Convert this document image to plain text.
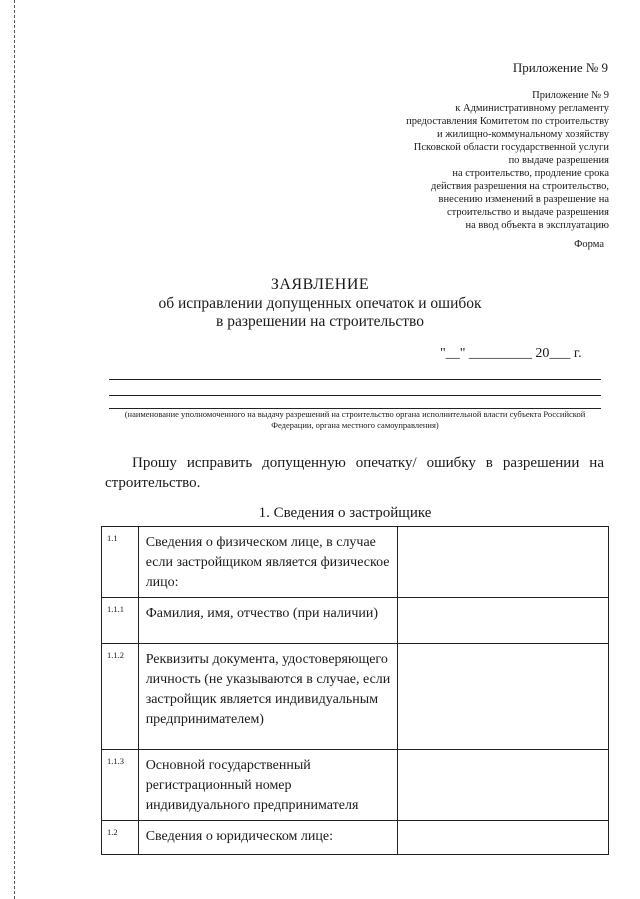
Приложение № 9
Приложение № 9
к Административному регламенту
предоставления Комитетом по строительству
и жилищно-коммунальному хозяйству
Псковской области государственной услуги
по выдаче разрешения
на строительство, продление срока
действия разрешения на строительство,
внесению изменений в разрешение на
строительство и выдаче разрешения
на ввод объекта в эксплуатацию
Форма
ЗАЯВЛЕНИЕ
об исправлении допущенных опечаток и ошибок
в разрешении на строительство
"__" _________ 20___ г.
(наименование уполномоченного на выдачу разрешений на строительство органа исполнительной власти субъекта Российской Федерации, органа местного самоуправления)
Прошу исправить допущенную опечатку/ ошибку в разрешении на строительство.
1. Сведения о застройщике
1.1	Сведения о физическом лице, в случае если застройщиком является физическое лицо:	
1.1.1	Фамилия, имя, отчество (при наличии)	
1.1.2	Реквизиты документа, удостоверяющего личность (не указываются в случае, если застройщик является индивидуальным предпринимателем)	
1.1.3	Основной государственный регистрационный номер индивидуального предпринимателя	
1.2	Сведения о юридическом лице:	
